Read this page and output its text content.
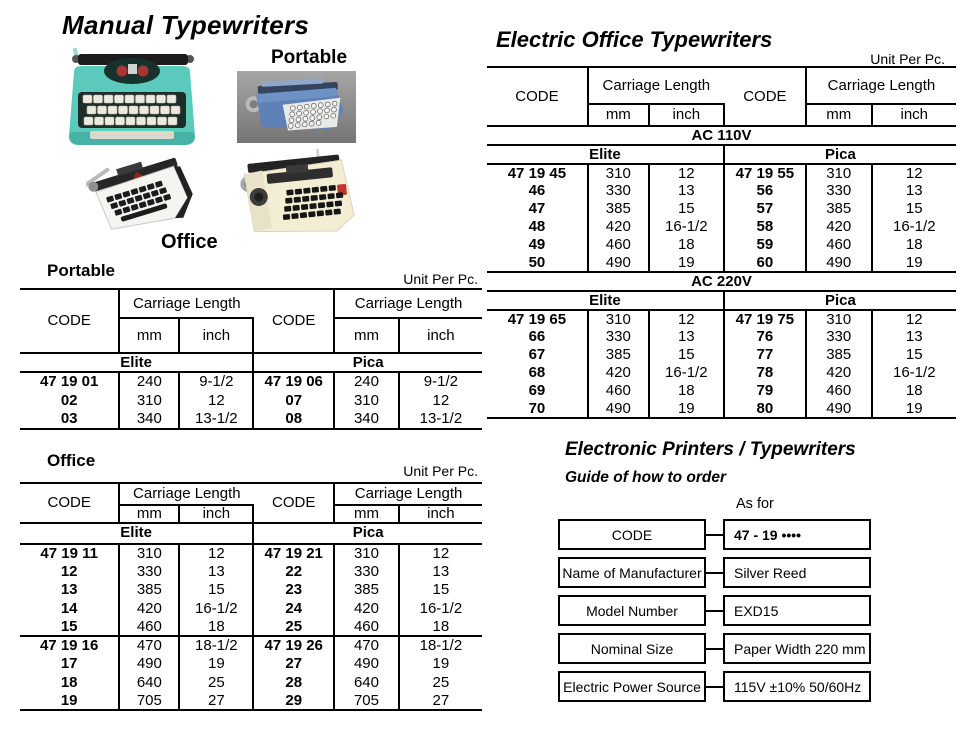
Manual Typewriters
Portable
Office
Portable	Unit Per Pc.
CODE	Carriage Length		CODE	Carriage Length	
	mm	inch		mm	inch
Elite			Pica		
47 19 01	240	9-1/2	47 19 06	240	9-1/2
02	310	12	07	310	12
03	340	13-1/2	08	340	13-1/2
Office
Unit Per Pc.
CODE	Carriage Length		CODE	Carriage Length	
	mm	inch		mm	inch
Elite			Pica		
47 19 11	310	12	47 19 21	310	12
12	330	13	22	330	13
13	385	15	23	385	15
14	420	16-1/2	24	420	16-1/2
15	460	18	25	460	18
47 19 16	470	18-1/2	47 19 26	470	18-1/2
17	490	19	27	490	19
18	640	25	28	640	25
19	705	27	29	705	27
Electric Office Typewriters
Unit Per Pc.
CODE	Carriage Length		CODE	Carriage Length	
	mm	inch		mm	inch
AC 110V					
Elite			Pica		
47 19 45	310	12	47 19 55	310	12
46	330	13	56	330	13
47	385	15	57	385	15
48	420	16-1/2	58	420	16-1/2
49	460	18	59	460	18
50	490	19	60	490	19
AC 220V					
Elite			Pica		
47 19 65	310	12	47 19 75	310	12
66	330	13	76	330	13
67	385	15	77	385	15
68	420	16-1/2	78	420	16-1/2
69	460	18	79	460	18
70	490	19	80	490	19
Electronic Printers / Typewriters
Guide of how to order
As for
CODE	47 - 19 ••••
Name of Manufacturer	Silver Reed
Model Number	EXD15
Nominal Size	Paper Width 220 mm
Electric Power Source	115V ±10% 50/60Hz
